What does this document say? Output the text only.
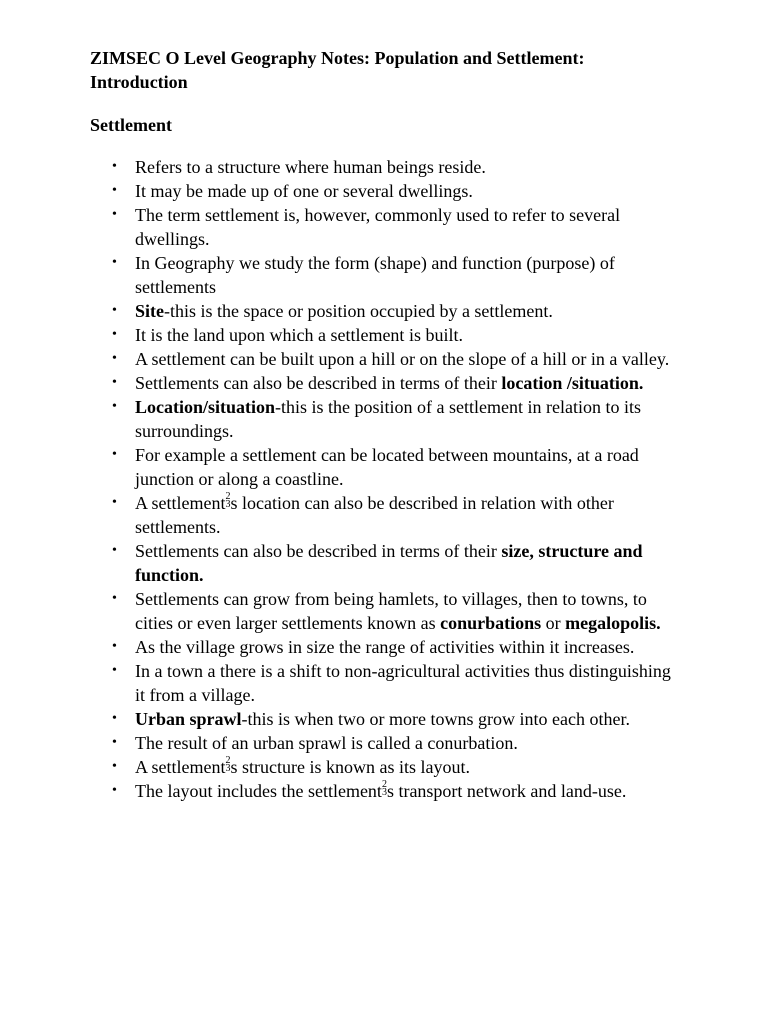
ZIMSEC O Level Geography Notes: Population and Settlement:
Introduction
Settlement
• Refers to a structure where human beings reside.
• It may be made up of one or several dwellings.
• The term settlement is, however, commonly used to refer to several dwellings.
• In Geography we study the form (shape) and function (purpose) of settlements
• Site-this is the space or position occupied by a settlement.
• It is the land upon which a settlement is built.
• A settlement can be built upon a hill or on the slope of a hill or in a valley.
• Settlements can also be described in terms of their location /situation.
• Location/situation-this is the position of a settlement in relation to its surroundings.
• For example a settlement can be located between mountains, at a road junction or along a coastline.
• A settlement 2
3 s location can also be described in relation with other settlements.
• Settlements can also be described in terms of their size, structure and function.
• Settlements can grow from being hamlets, to villages, then to towns, to cities or even larger settlements known as conurbations or megalopolis.
• As the village grows in size the range of activities within it increases.
• In a town a there is a shift to non-agricultural activities thus distinguishing it from a village.
• Urban sprawl-this is when two or more towns grow into each other.
• The result of an urban sprawl is called a conurbation.
• A settlement 2
3 s structure is known as its layout.
• The layout includes the settlement 2
3 s transport network and land-use.
